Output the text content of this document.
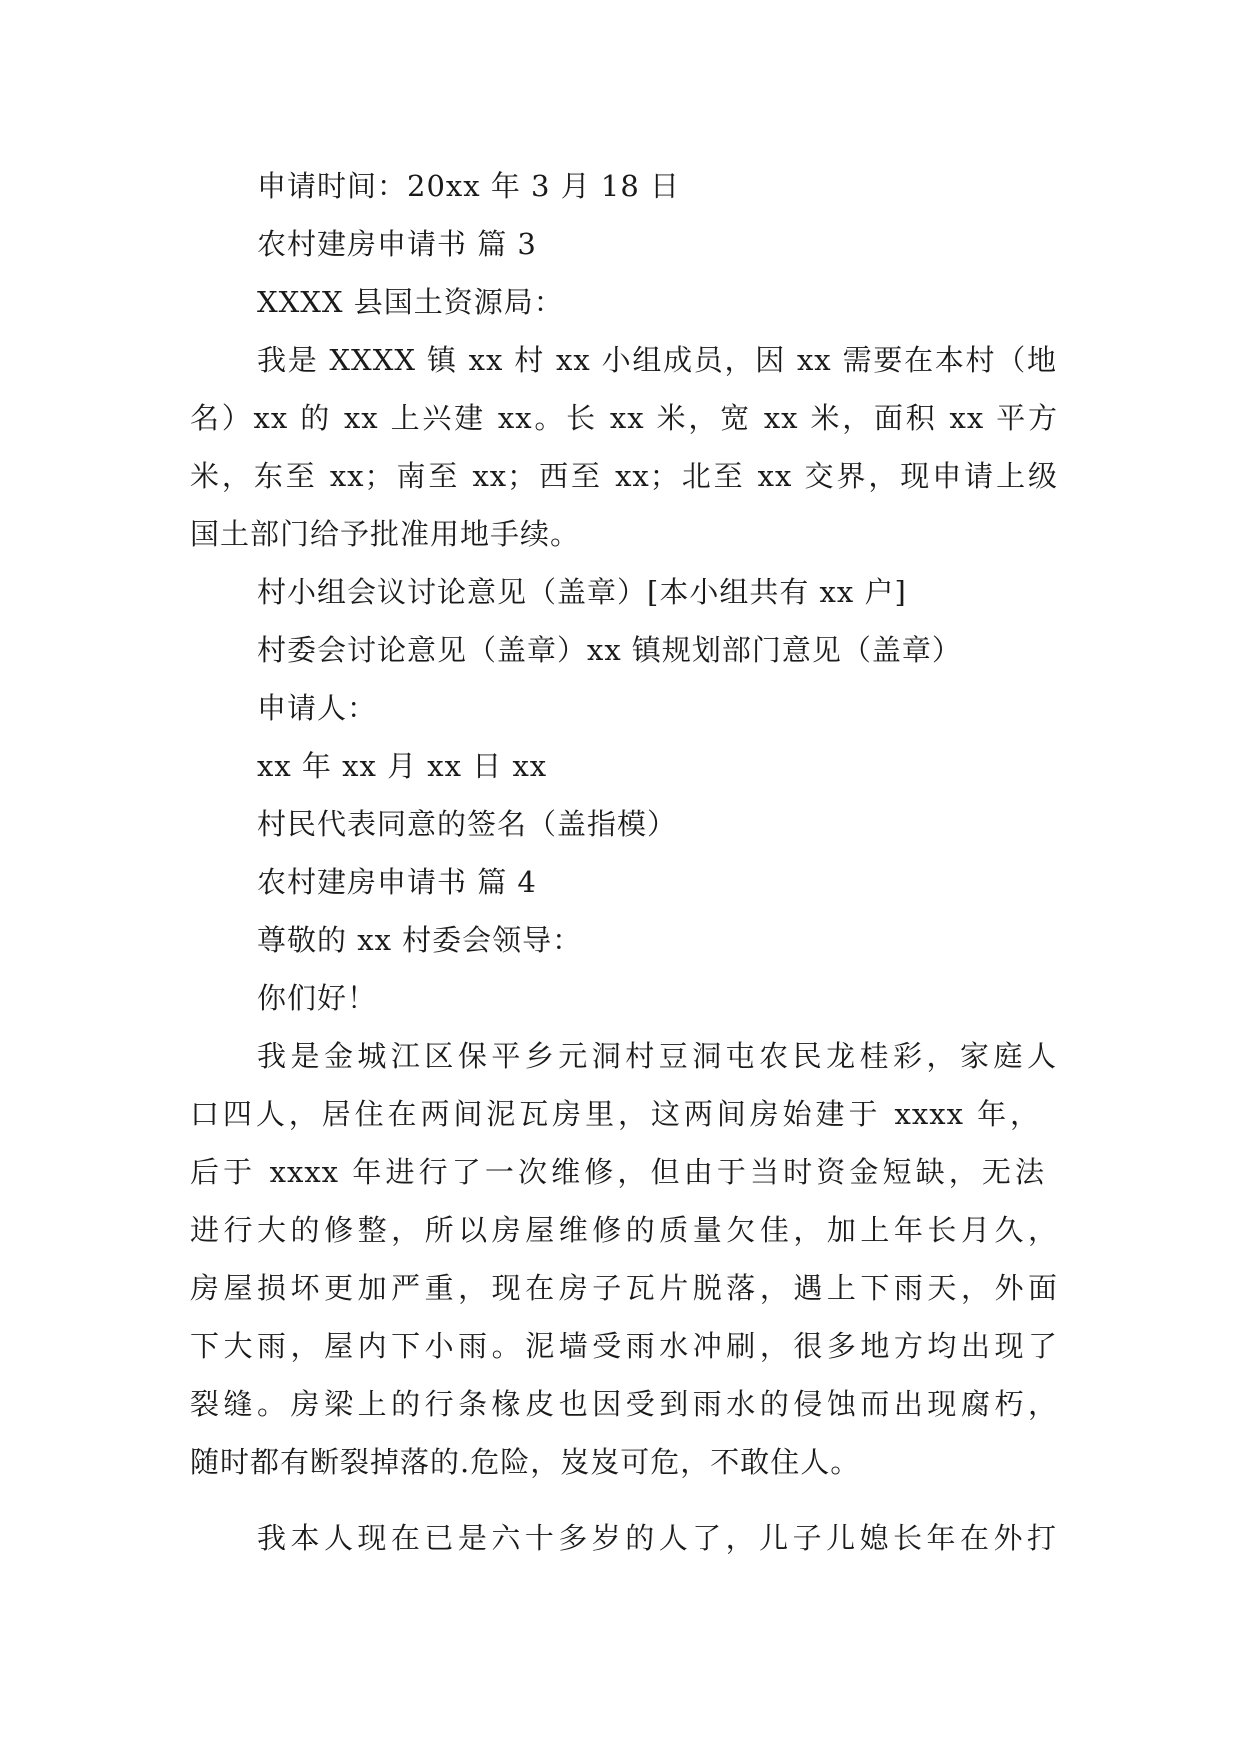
申请时间：20xx 年 3 月 18 日
农村建房申请书 篇 3
XXXX 县国土资源局：
我是 XXXX 镇 xx 村 xx 小组成员，因 xx 需要在本村（地
名）xx 的 xx 上兴建 xx。长 xx 米，宽 xx 米，面积 xx 平方
米，东至 xx；南至 xx；西至 xx；北至 xx 交界，现申请上级
国土部门给予批准用地手续。
村小组会议讨论意见（盖章）[本小组共有 xx 户]
村委会讨论意见（盖章）xx 镇规划部门意见（盖章）
申请人：
xx 年 xx 月 xx 日 xx
村民代表同意的签名（盖指模）
农村建房申请书 篇 4
尊敬的 xx 村委会领导：
你们好！
我是金城江区保平乡元洞村豆洞屯农民龙桂彩，家庭人
口四人，居住在两间泥瓦房里，这两间房始建于 xxxx 年，
后于 xxxx 年进行了一次维修，但由于当时资金短缺，无法
进行大的修整，所以房屋维修的质量欠佳，加上年长月久，
房屋损坏更加严重，现在房子瓦片脱落，遇上下雨天，外面
下大雨，屋内下小雨。泥墙受雨水冲刷，很多地方均出现了
裂缝。房梁上的行条椽皮也因受到雨水的侵蚀而出现腐朽，
随时都有断裂掉落的.危险，岌岌可危，不敢住人。
我本人现在已是六十多岁的人了，儿子儿媳长年在外打
